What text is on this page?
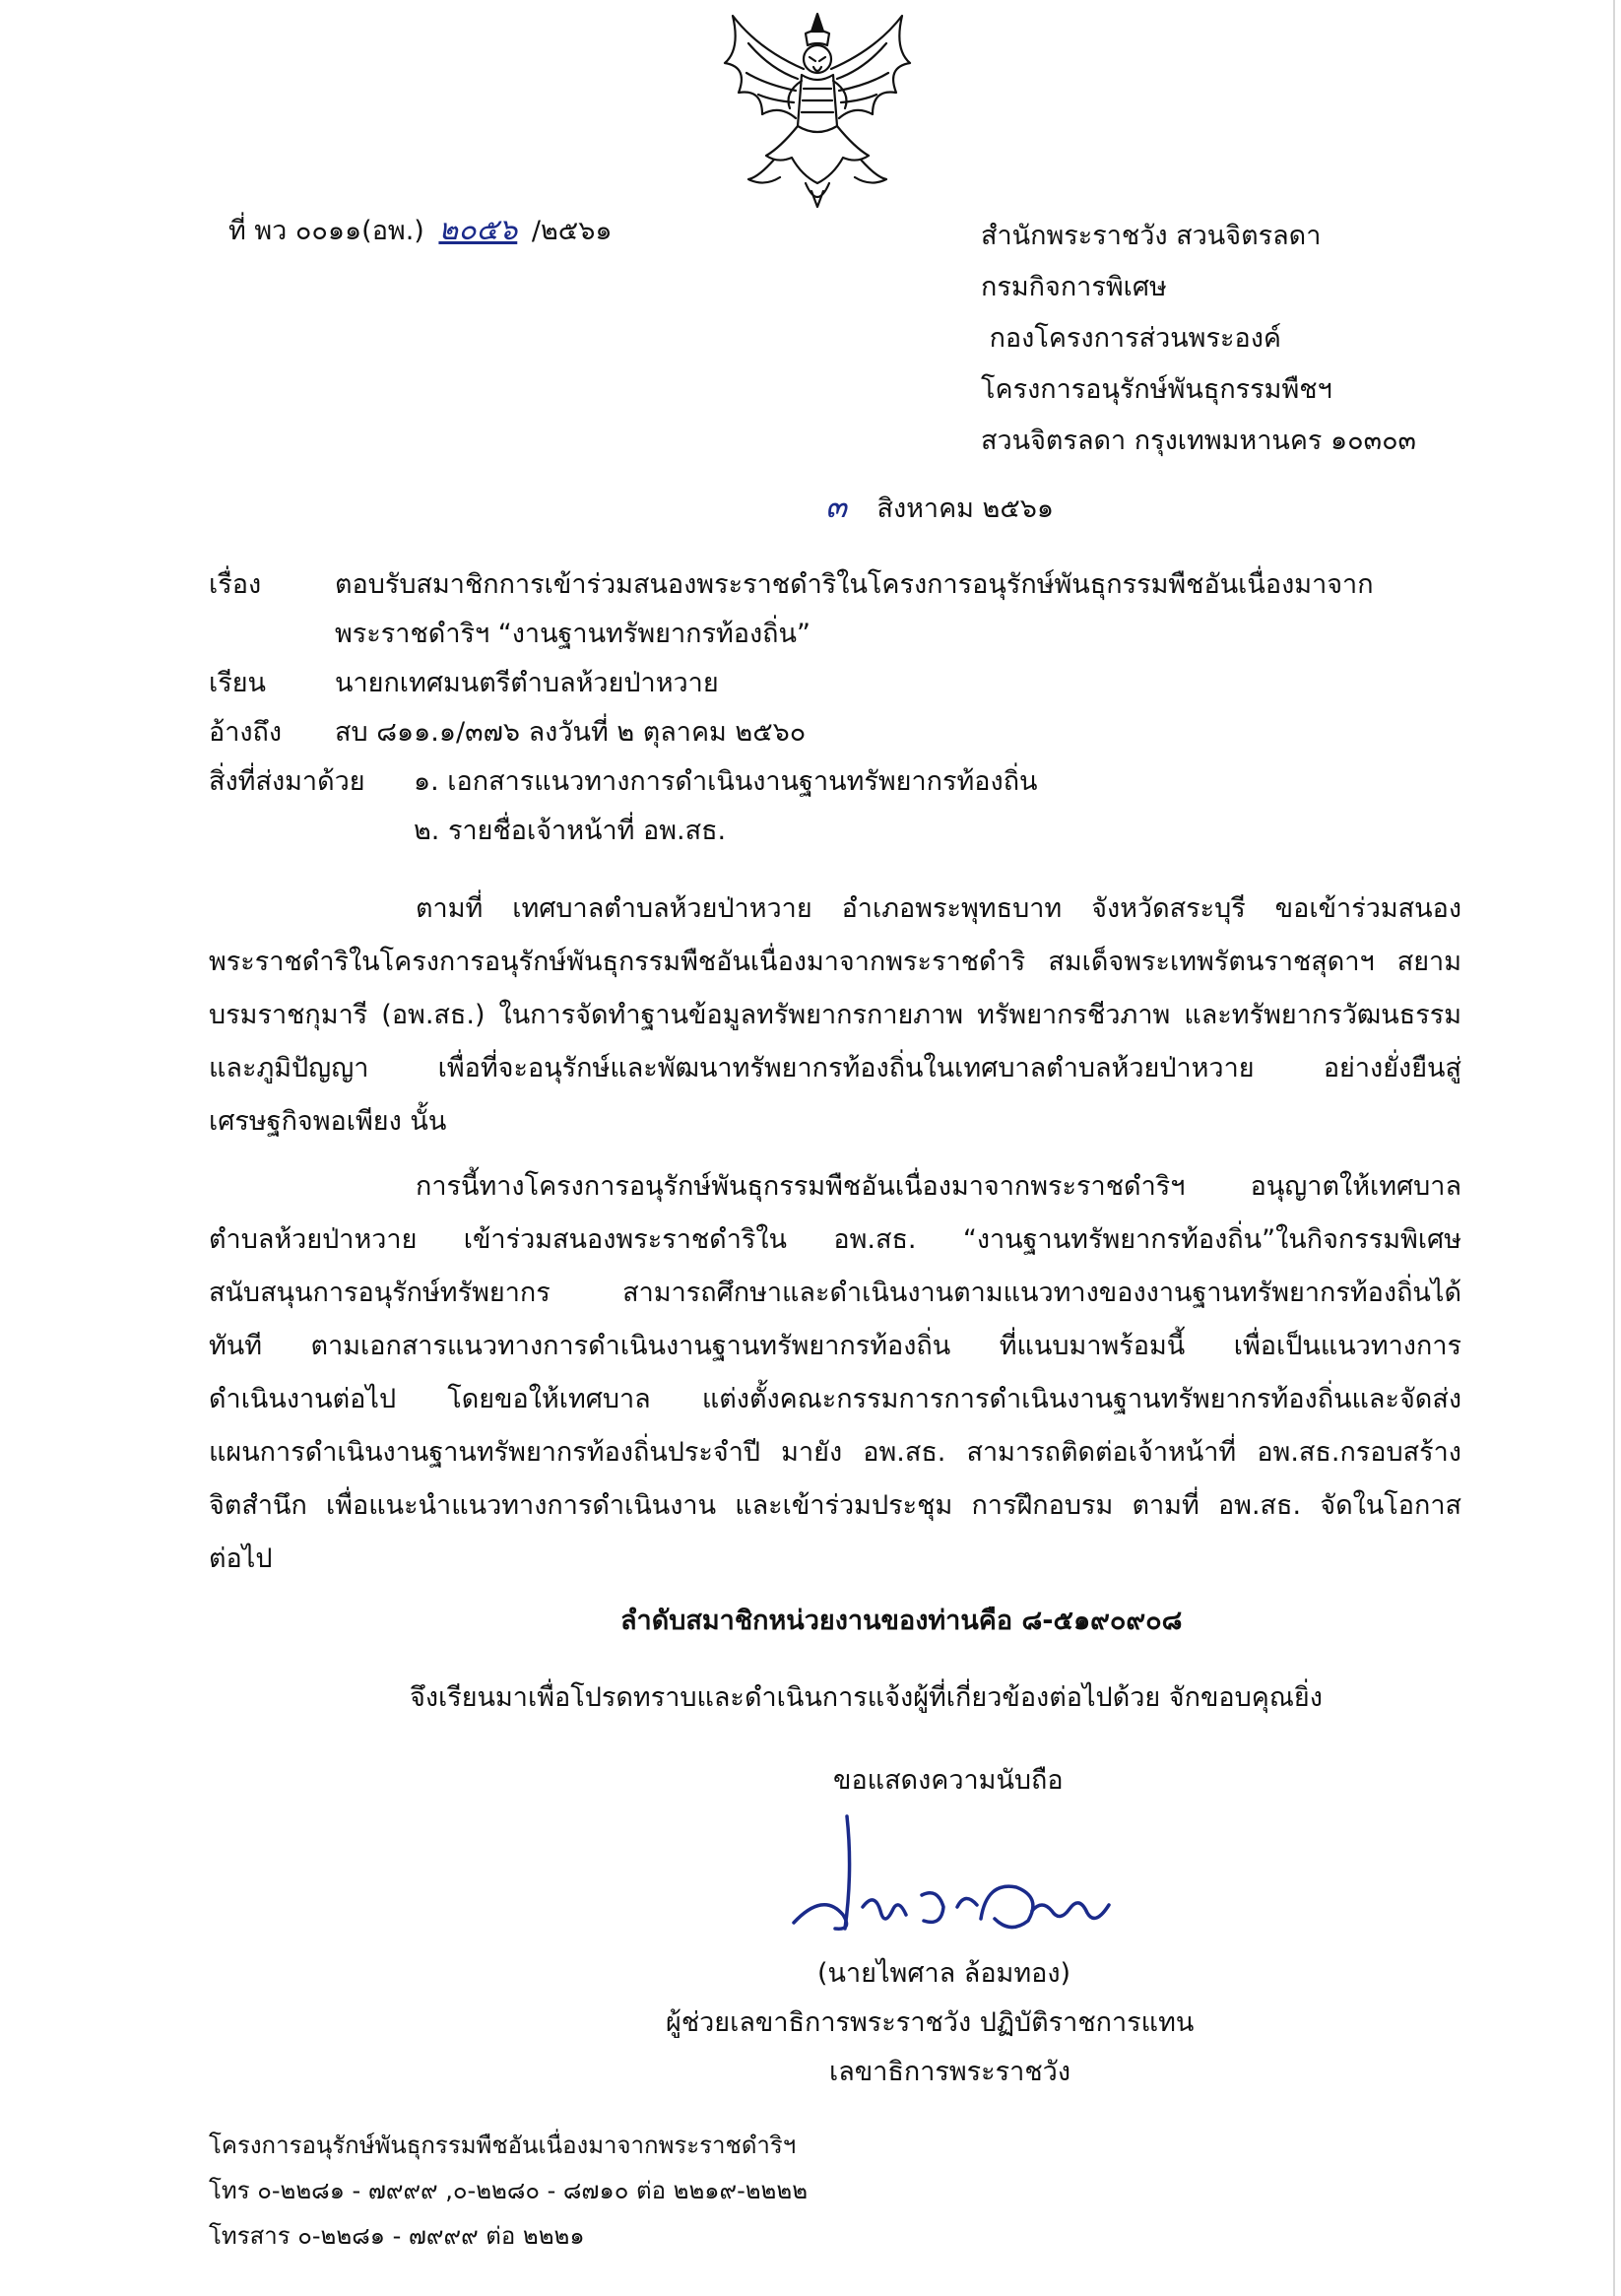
ที่ พว ๐๐๑๑(อพ.) ๒๐๕๖ /๒๕๖๑	สำนักพระราชวัง สวนจิตรลดา
กรมกิจการพิเศษ
กองโครงการส่วนพระองค์
โครงการอนุรักษ์พันธุกรรมพืชฯ
สวนจิตรลดา กรุงเทพมหานคร ๑๐๓๐๓
๓ สิงหาคม ๒๕๖๑
เรื่อง	ตอบรับสมาชิกการเข้าร่วมสนองพระราชดำริในโครงการอนุรักษ์พันธุกรรมพืชอันเนื่องมาจาก
พระราชดำริฯ “งานฐานทรัพยากรท้องถิ่น”
เรียน	นายกเทศมนตรีตำบลห้วยป่าหวาย
อ้างถึง สบ ๘๑๑.๑/๓๗๖ ลงวันที่ ๒ ตุลาคม ๒๕๖๐
สิ่งที่ส่งมาด้วย ๑. เอกสารแนวทางการดำเนินงานฐานทรัพยากรท้องถิ่น
๒. รายชื่อเจ้าหน้าที่ อพ.สธ.
ตามที่ เทศบาลตำบลห้วยป่าหวาย อำเภอพระพุทธบาท จังหวัดสระบุรี ขอเข้าร่วมสนอง
พระราชดำริในโครงการอนุรักษ์พันธุกรรมพืชอันเนื่องมาจากพระราชดำริ สมเด็จพระเทพรัตนราชสุดาฯ สยาม
บรมราชกุมารี (อพ.สธ.) ในการจัดทำฐานข้อมูลทรัพยากรกายภาพ ทรัพยากรชีวภาพ และทรัพยากรวัฒนธรรม
และภูมิปัญญา เพื่อที่จะอนุรักษ์และพัฒนาทรัพยากรท้องถิ่นในเทศบาลตำบลห้วยป่าหวาย อย่างยั่งยืนสู่
เศรษฐกิจพอเพียง นั้น
การนี้ทางโครงการอนุรักษ์พันธุกรรมพืชอันเนื่องมาจากพระราชดำริฯ อนุญาตให้เทศบาล
ตำบลห้วยป่าหวาย เข้าร่วมสนองพระราชดำริใน อพ.สธ. “งานฐานทรัพยากรท้องถิ่น”ในกิจกรรมพิเศษ
สนับสนุนการอนุรักษ์ทรัพยากร สามารถศึกษาและดำเนินงานตามแนวทางของงานฐานทรัพยากรท้องถิ่นได้
ทันที ตามเอกสารแนวทางการดำเนินงานฐานทรัพยากรท้องถิ่น ที่แนบมาพร้อมนี้ เพื่อเป็นแนวทางการ
ดำเนินงานต่อไป โดยขอให้เทศบาล แต่งตั้งคณะกรรมการการดำเนินงานฐานทรัพยากรท้องถิ่นและจัดส่ง
แผนการดำเนินงานฐานทรัพยากรท้องถิ่นประจำปี มายัง อพ.สธ. สามารถติดต่อเจ้าหน้าที่ อพ.สธ.กรอบสร้าง
จิตสำนึก เพื่อแนะนำแนวทางการดำเนินงาน และเข้าร่วมประชุม การฝึกอบรม ตามที่ อพ.สธ. จัดในโอกาส
ต่อไป
ลำดับสมาชิกหน่วยงานของท่านคือ ๘-๕๑๙๐๙๐๘
จึงเรียนมาเพื่อโปรดทราบและดำเนินการแจ้งผู้ที่เกี่ยวข้องต่อไปด้วย จักขอบคุณยิ่ง
ขอแสดงความนับถือ
(นายไพศาล ล้อมทอง)
ผู้ช่วยเลขาธิการพระราชวัง ปฏิบัติราชการแทน
เลขาธิการพระราชวัง
โครงการอนุรักษ์พันธุกรรมพืชอันเนื่องมาจากพระราชดำริฯ
โทร ๐-๒๒๘๑ - ๗๙๙๙ ,๐-๒๒๘๐ - ๘๗๑๐ ต่อ ๒๒๑๙-๒๒๒๒
โทรสาร ๐-๒๒๘๑ - ๗๙๙๙ ต่อ ๒๒๒๑
